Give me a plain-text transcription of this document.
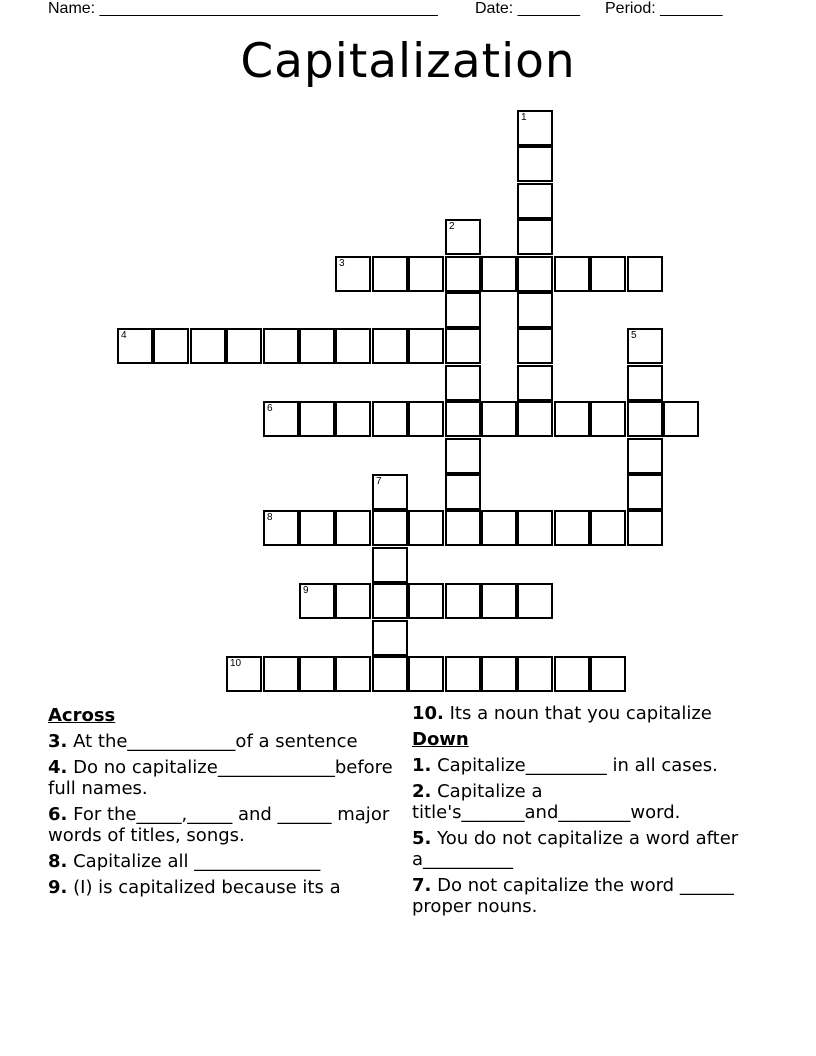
Name: ______________________________________ Date: _______ Period: _______
Capitalization
1
2
3
4	5
6
7
8
9
10
Across
3. At the____________of a sentence
4. Do no capitalize_____________before full names.
6. For the_____,_____ and ______ major words of titles, songs.
8. Capitalize all ______________
9. (I) is capitalized because its a
10. Its a noun that you capitalize
Down
1. Capitalize_________ in all cases.
2. Capitalize a title's_______and________word.
5. You do not capitalize a word after a__________
7. Do not capitalize the word ______ proper nouns.
